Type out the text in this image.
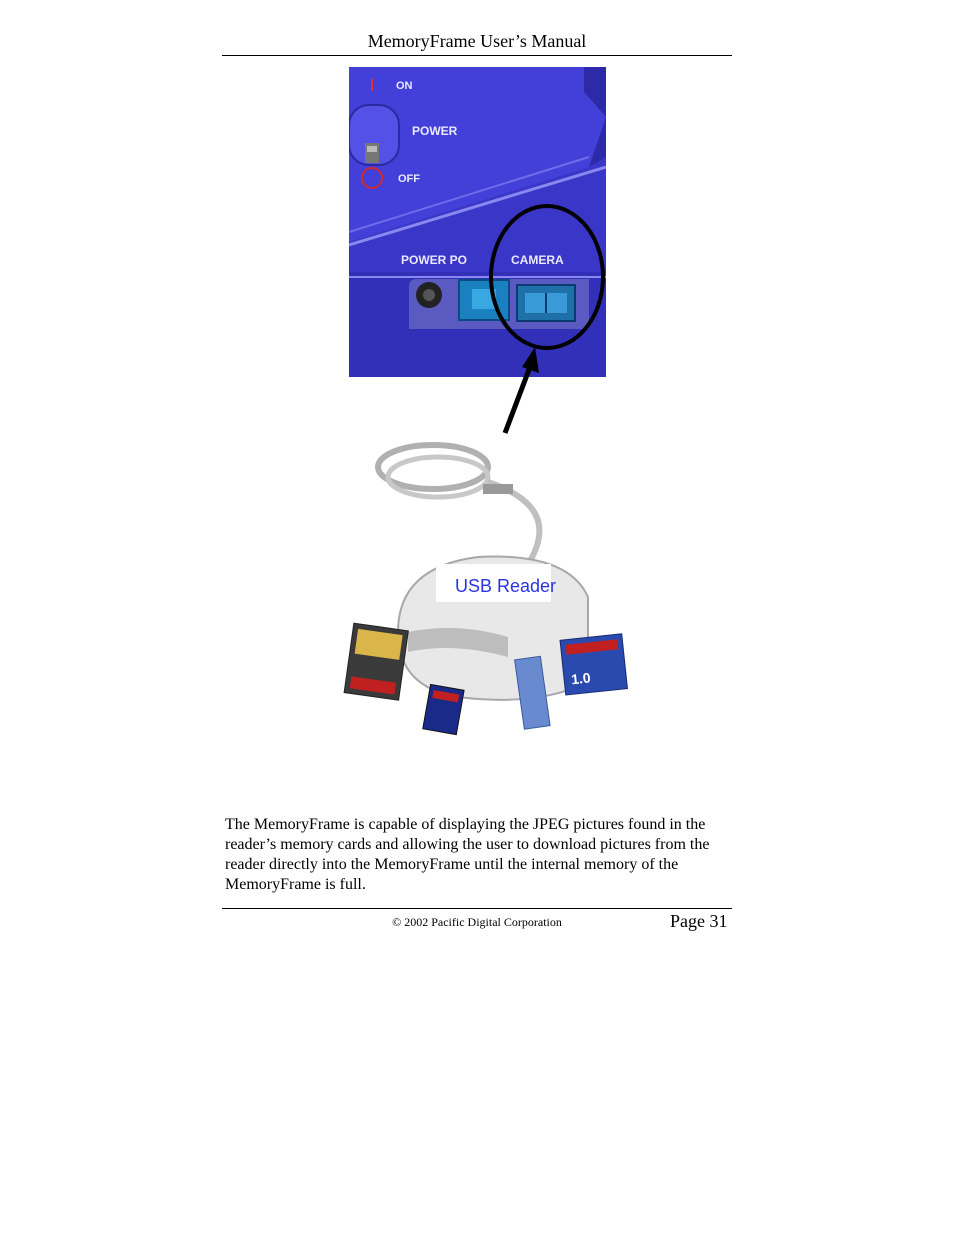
MemoryFrame User’s Manual
ON
POWER
OFF
POWER PO	CAMERA
USB Reader
1.0
The MemoryFrame is capable of displaying the JPEG pictures found in the reader’s memory cards and allowing the user to download pictures from the reader directly into the MemoryFrame until the internal memory of the MemoryFrame is full.
© 2002 Pacific Digital Corporation	Page 31
